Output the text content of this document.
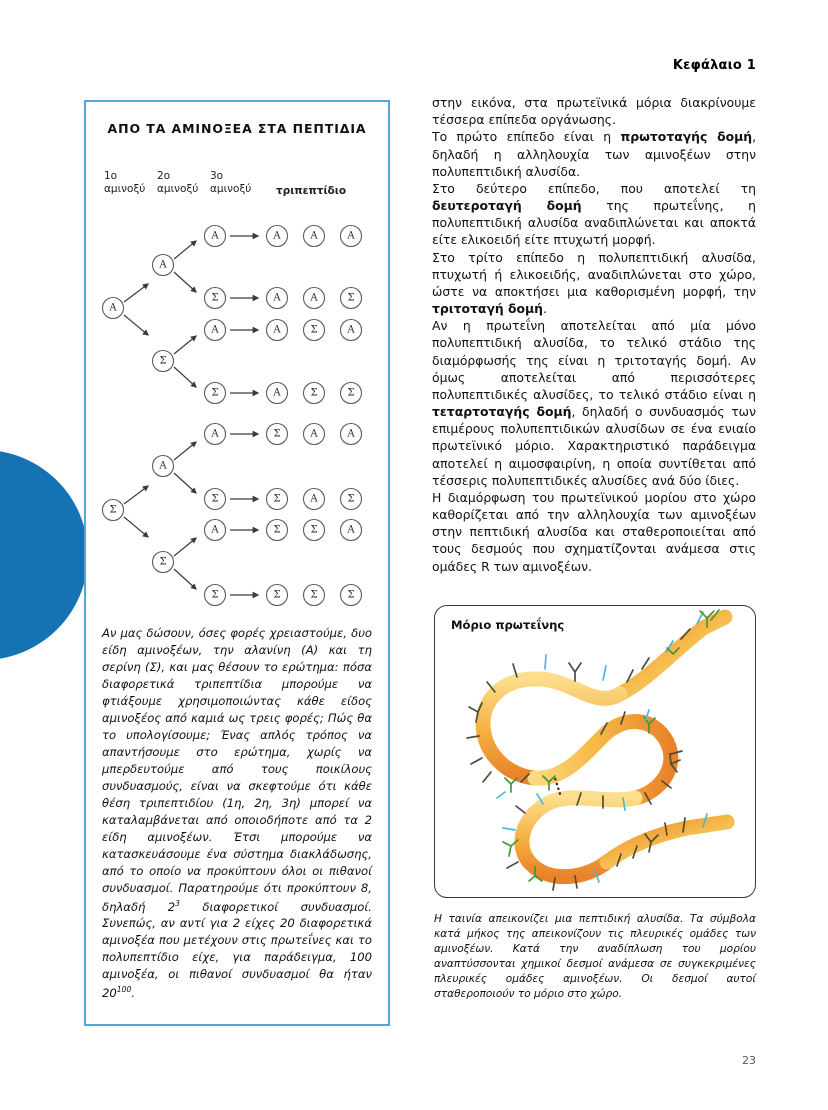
Κεφάλαιο 1
ΑΠΟ ΤΑ ΑΜΙΝΟΞΕΑ ΣΤΑ ΠΕΠΤΙΔΙΑ
1ο
αμινοξύ
2ο
αμινοξύ
3ο
αμινοξύ τριπεπτίδιο
Α
Α
Σ
Α	Α	Α	Α
Σ	Α	Α	Σ
Α	Α	Σ	Α
Σ	Α	Σ	Σ
Σ
Α
Σ
Α	Σ	Α	Α
Σ	Σ	Α	Σ
Α	Σ	Σ	Α
Σ	Σ	Σ	Σ
Αν μας δώσουν, όσες φορές χρειαστούμε, δυο είδη αμινοξέων, την αλανίνη (Α) και τη σερίνη (Σ), και μας θέσουν το ερώτημα: πόσα διαφορετικά τριπεπτίδια μπορούμε να φτιάξουμε χρησιμοποιώντας κάθε είδος αμινοξέος από καμιά ως τρεις φορές; Πώς θα το υπολογίσουμε; Ένας απλός τρόπος να απαντήσουμε στο ερώτημα, χωρίς να μπερδευτούμε από τους ποικίλους συνδυασμούς, είναι να σκεφτούμε ότι κάθε θέση τριπεπτιδίου (1η, 2η, 3η) μπορεί να καταλαμβάνεται από οποιοδήποτε από τα 2 είδη αμινοξέων. Έτσι μπορούμε να κατασκευάσουμε ένα σύστημα διακλάδωσης, από το οποίο να προκύπτουν όλοι οι πιθανοί συνδυασμοί. Παρατηρούμε ότι προκύπτουν 8, δηλαδή $2^3$ διαφορετικοί συνδυασμοί. Συνεπώς, αν αντί για 2 είχες 20 διαφορετικά αμινοξέα που μετέχουν στις πρωτεΐνες και το πολυπεπτίδιο είχε, για παράδειγμα, 100 αμινοξέα, οι πιθανοί συνδυασμοί θα ήταν $20^{100}$.

στην εικόνα, στα πρωτεϊνικά μόρια διακρίνουμε τέσσερα επίπεδα οργάνωσης.

Το πρώτο επίπεδο είναι η πρωτοταγής δομή, δηλαδή η αλληλουχία των αμινοξέων στην πολυπεπτιδική αλυσίδα.

Στο δεύτερο επίπεδο, που αποτελεί τη δευτεροταγή δομή της πρωτεΐνης, η πολυπεπτιδική αλυσίδα αναδιπλώνεται και αποκτά είτε ελικοειδή είτε πτυχωτή μορφή.

Στο τρίτο επίπεδο η πολυπεπτιδική αλυσίδα, πτυχωτή ή ελικοειδής, αναδιπλώνεται στο χώρο, ώστε να αποκτήσει μια καθορισμένη μορφή, την τριτοταγή δομή.

Αν η πρωτεΐνη αποτελείται από μία μόνο πολυπεπτιδική αλυσίδα, το τελικό στάδιο της διαμόρφωσής της είναι η τριτοταγής δομή. Αν όμως αποτελείται από περισσότερες πολυπεπτιδικές αλυσίδες, το τελικό στάδιο είναι η τεταρτοταγής δομή, δηλαδή ο συνδυασμός των επιμέρους πολυπεπτιδικών αλυσίδων σε ένα ενιαίο πρωτεϊνικό μόριο. Χαρακτηριστικό παράδειγμα αποτελεί η αιμοσφαιρίνη, η οποία συντίθεται από τέσσερις πολυπεπτιδικές αλυσίδες ανά δύο ίδιες.

Η διαμόρφωση του πρωτεϊνικού μορίου στο χώρο καθορίζεται από την αλληλουχία των αμινοξέων στην πεπτιδική αλυσίδα και σταθεροποιείται από τους δεσμούς που σχηματίζονται ανάμεσα στις ομάδες R των αμινοξέων.

Μόριο πρωτεΐνης
Η ταινία απεικονίζει μια πεπτιδική αλυσίδα. Τα σύμβολα κατά μήκος της απεικονίζουν τις πλευρικές ομάδες των αμινοξέων. Κατά την αναδίπλωση του μορίου αναπτύσσονται χημικοί δεσμοί ανάμεσα σε συγκεκριμένες πλευρικές ομάδες αμινοξέων. Οι δεσμοί αυτοί σταθεροποιούν το μόριο στο χώρο.
23
